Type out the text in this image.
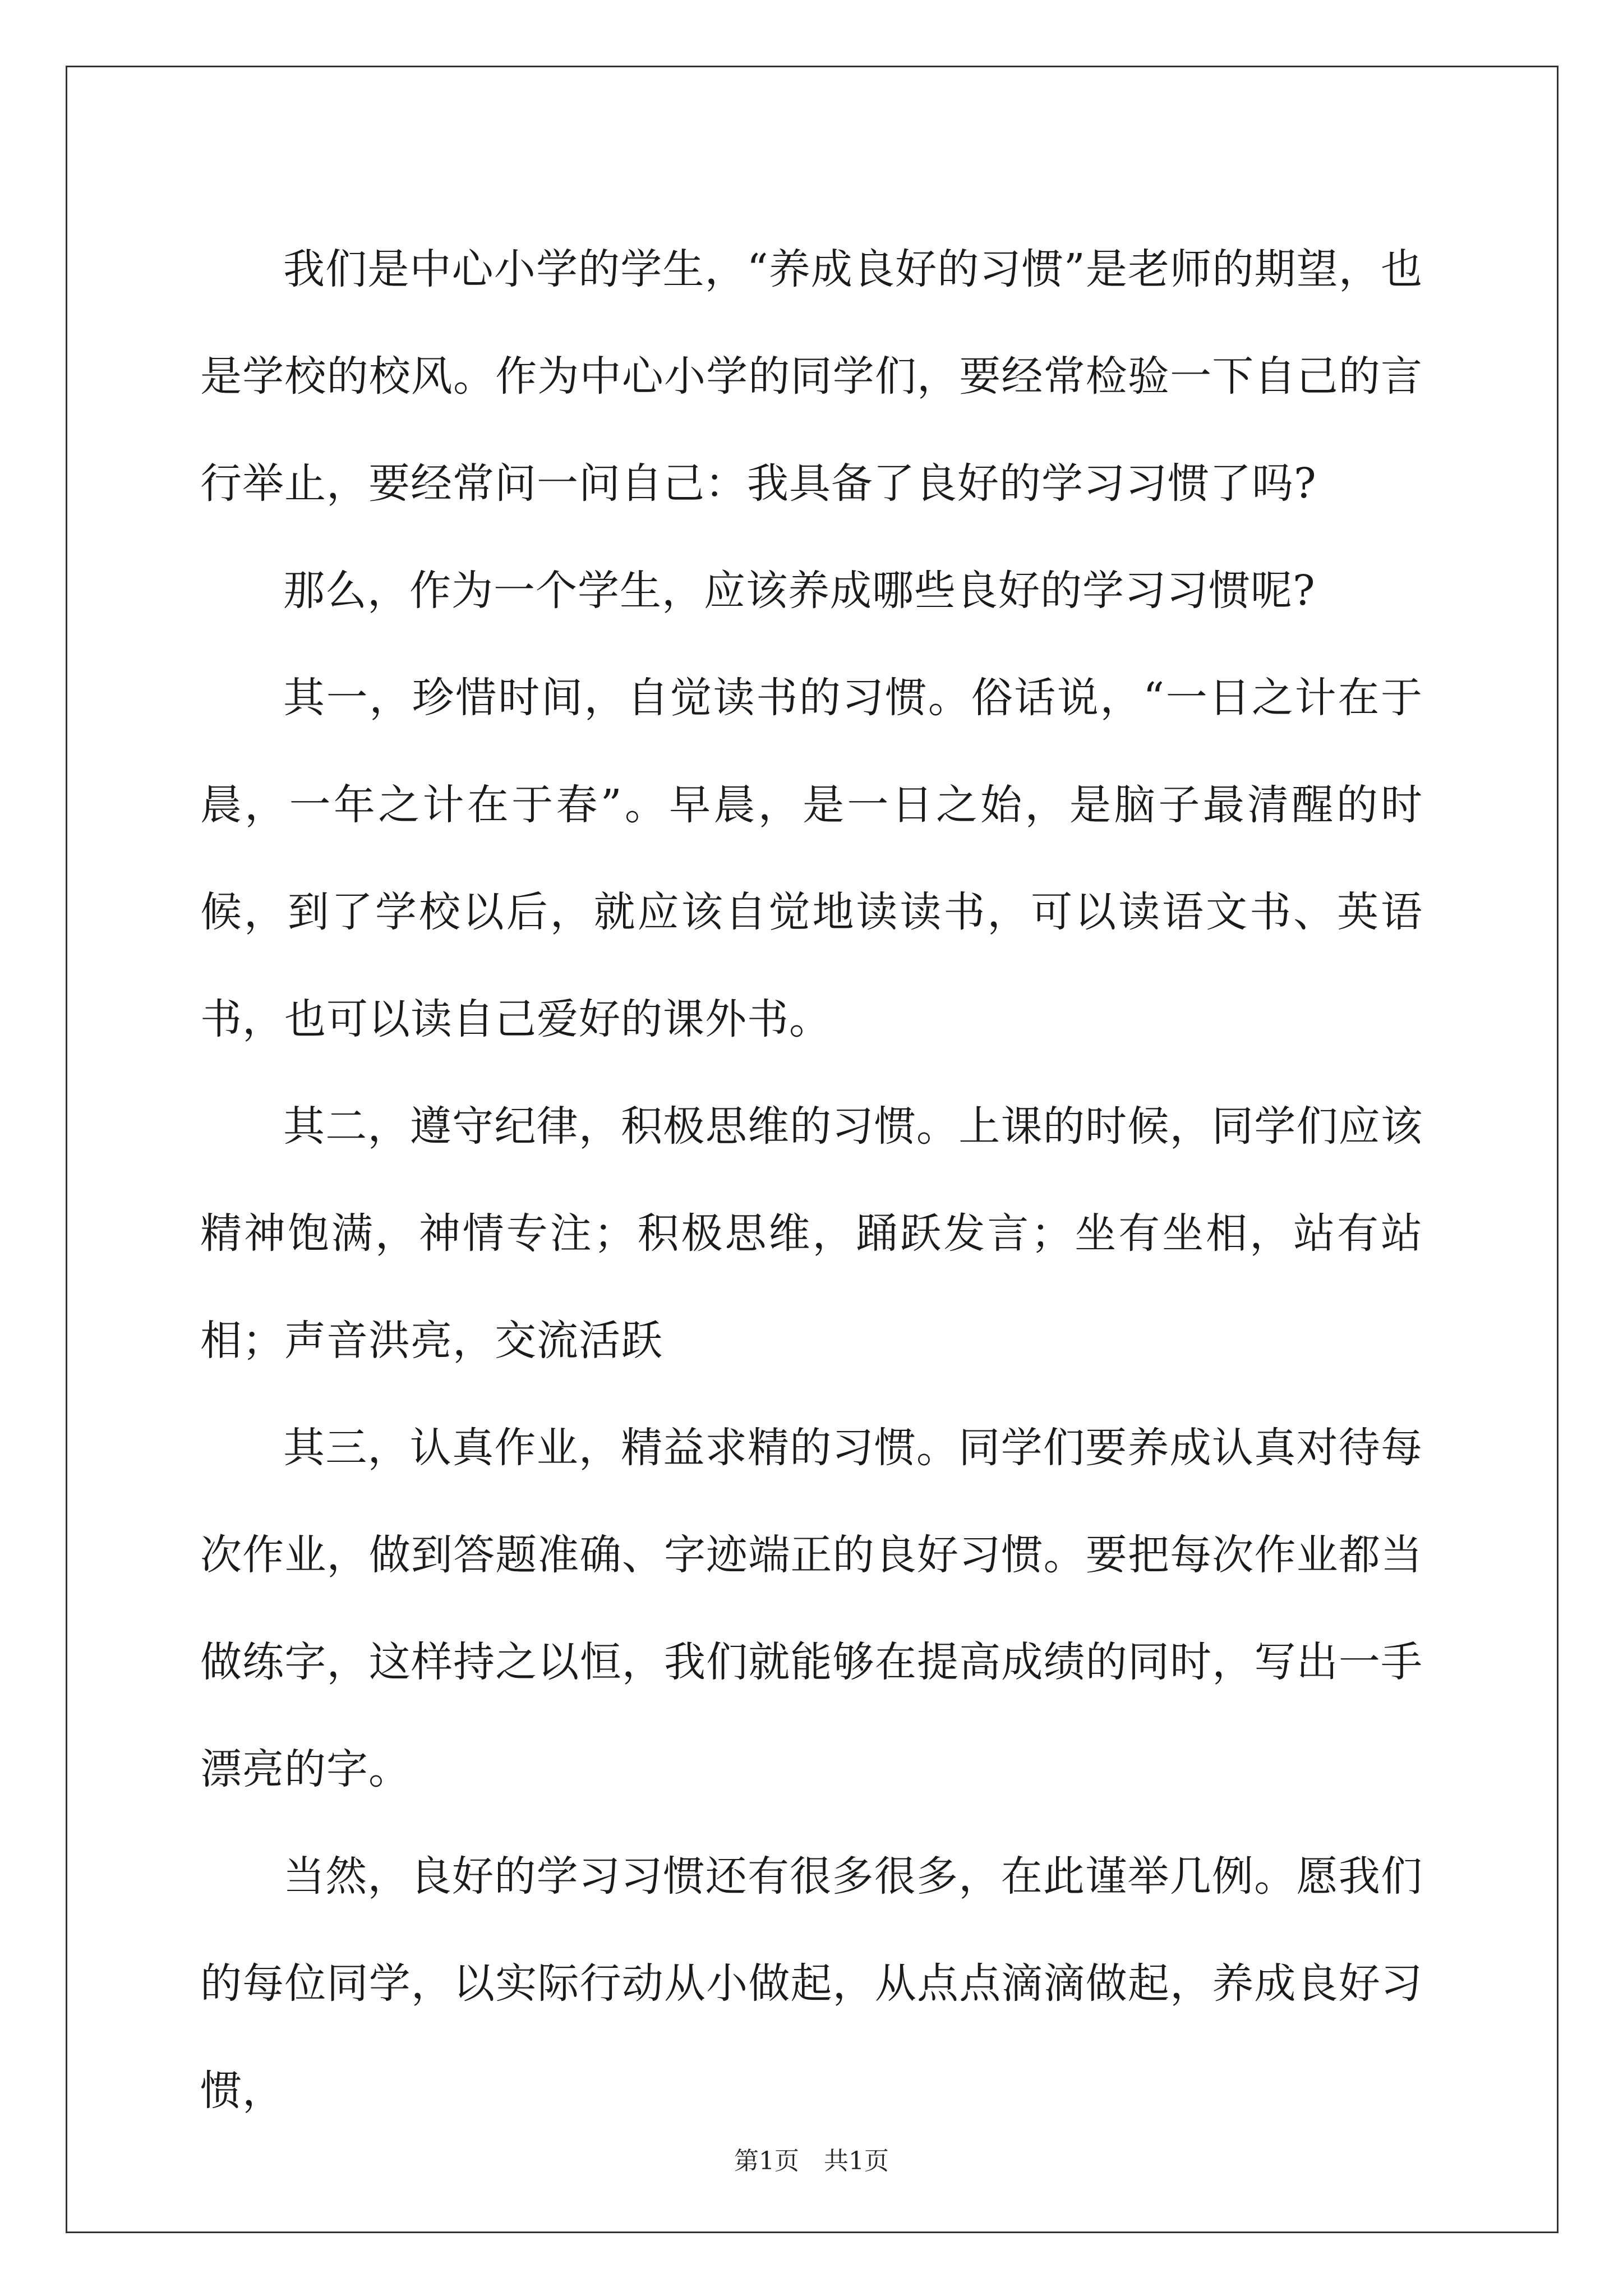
我们是中心小学的学生，“养成良好的习惯”是老师的期望，也是学校的校风。作为中心小学的同学们，要经常检验一下自己的言行举止，要经常问一问自己：我具备了良好的学习习惯了吗?

那么，作为一个学生，应该养成哪些良好的学习习惯呢?

其一，珍惜时间，自觉读书的习惯。俗话说，“一日之计在于晨，一年之计在于春”。早晨，是一日之始，是脑子最清醒的时候，到了学校以后，就应该自觉地读读书，可以读语文书、英语书，也可以读自己爱好的课外书。

其二，遵守纪律，积极思维的习惯。上课的时候，同学们应该精神饱满，神情专注；积极思维，踊跃发言；坐有坐相，站有站相；声音洪亮，交流活跃

其三，认真作业，精益求精的习惯。同学们要养成认真对待每次作业，做到答题准确、字迹端正的良好习惯。要把每次作业都当做练字，这样持之以恒，我们就能够在提高成绩的同时，写出一手漂亮的字。

当然，良好的学习习惯还有很多很多，在此谨举几例。愿我们的每位同学，以实际行动从小做起，从点点滴滴做起，养成良好习惯，

第1页 共1页
